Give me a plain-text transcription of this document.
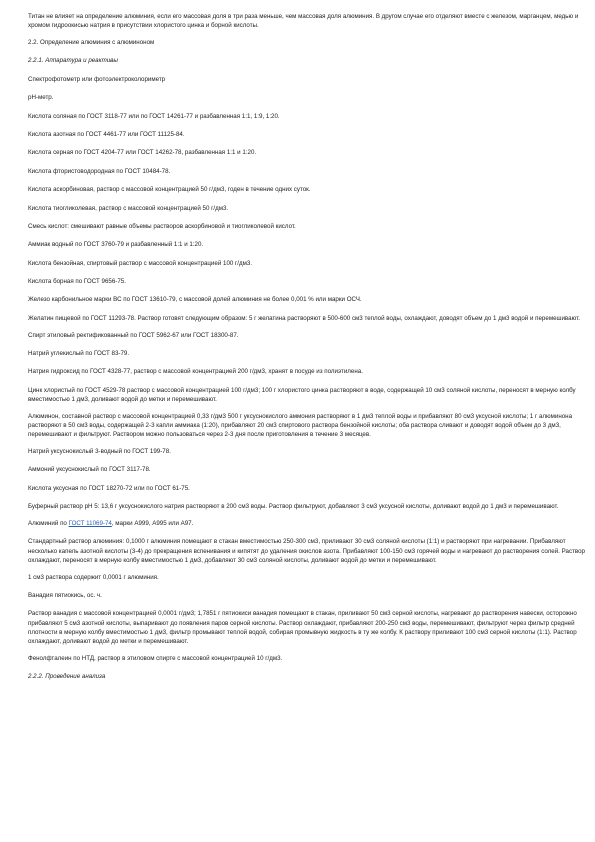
Титан не влияет на определение алюминия, если его массовая доля в три раза меньше, чем массовая доля алюминия. В другом случае его отделяют вместе с железом, марганцем, медью и хромом гидроокисью натрия в присутствии хлористого цинка и борной кислоты.

2.2. Определение алюминия с алюминоном

2.2.1. Аппаратура и реактивы

Спектрофотометр или фотоэлектроколориметр

рН-метр.

Кислота соляная по ГОСТ 3118-77 или по ГОСТ 14261-77 и разбавленная 1:1, 1:9, 1:20.

Кислота азотная по ГОСТ 4461-77 или ГОСТ 11125-84.

Кислота серная по ГОСТ 4204-77 или ГОСТ 14262-78, разбавленная 1:1 и 1:20.

Кислота фтористоводородная по ГОСТ 10484-78.

Кислота аскорбиновая, раствор с массовой концентрацией 50 г/дм3, годен в течение одних суток.

Кислота тиогликолевая, раствор с массовой концентрацией 50 г/дм3.

Смесь кислот: смешивают равные объемы растворов аскорбиновой и тиогликолевой кислот.

Аммиак водный по ГОСТ 3760-79 и разбавленный 1:1 и 1:20.

Кислота бензойная, спиртовый раствор с массовой концентрацией 100 г/дм3.

Кислота борная по ГОСТ 9656-75.

Железо карбонильное марки ВС по ГОСТ 13610-79, с массовой долей алюминия не более 0,001 % или марки ОСЧ.

Желатин пищевой по ГОСТ 11293-78. Раствор готовят следующим образом: 5 г желатина растворяют в 500-600 см3 теплой воды, охлаждают, доводят объем до 1 дм3 водой и перемешивают.

Спирт этиловый ректификованный по ГОСТ 5962-67 или ГОСТ 18300-87.

Натрий углекислый по ГОСТ 83-79.

Натрия гидроксид по ГОСТ 4328-77, раствор с массовой концентрацией 200 г/дм3, хранят в посуде из полиэтилена.

Цинк хлористый по ГОСТ 4529-78 раствор с массовой концентрацией 100 г/дм3; 100 г хлористого цинка растворяют в воде, содержащей 10 см3 соляной кислоты, переносят в мерную колбу вместимостью 1 дм3, доливают водой до метки и перемешивают.

Алюминон, составной раствор с массовой концентрацией 0,33 г/дм3 500 г уксуснокислого аммония растворяют в 1 дм3 теплой воды и прибавляют 80 см3 уксусной кислоты; 1 г алюминона растворяют в 50 см3 воды, содержащей 2-3 капли аммиака (1:20), прибавляют 20 см3 спиртового раствора бензойной кислоты; оба раствора сливают и доводят водой объем до 3 дм3, перемешивают и фильтруют. Раствором можно пользоваться через 2-3 дня после приготовления в течение 3 месяцев.

Натрий уксуснокислый 3-водный по ГОСТ 199-78.

Аммоний уксуснокислый по ГОСТ 3117-78.

Кислота уксусная по ГОСТ 18270-72 или по ГОСТ 61-75.

Буферный раствор рН 5: 13,6 г уксуснокислого натрия растворяют в 200 см3 воды. Раствор фильтруют, добавляют 3 см3 уксусной кислоты, доливают водой до 1 дм3 и перемешивают.

Алюминий по ГОСТ 11069-74, марки А999, А995 или А97.

Стандартный раствор алюминия: 0,1000 г алюминия помещают в стакан вместимостью 250-300 см3, приливают 30 см3 соляной кислоты (1:1) и растворяют при нагревании. Прибавляют несколько капель азотной кислоты (3-4) до прекращения вспенивания и кипятят до удаления окислов азота. Прибавляют 100-150 см3 горячей воды и нагревают до растворения солей. Раствор охлаждают, переносят в мерную колбу вместимостью 1 дм3, добавляют 30 см3 соляной кислоты, доливают водой до метки и перемешивают.

1 см3 раствора содержит 0,0001 г алюминия.

Ванадия пятиокись, ос. ч.

Раствор ванадия с массовой концентрацией 0,0001 г/дм3; 1,7851 г пятиокиси ванадия помещают в стакан, приливают 50 см3 серной кислоты, нагревают до растворения навески, осторожно прибавляют 5 см3 азотной кислоты, выпаривают до появления паров серной кислоты. Раствор охлаждают, прибавляют 200-250 см3 воды, перемешивают, фильтруют через фильтр средней плотности в мерную колбу вместимостью 1 дм3, фильтр промывают теплой водой, собирая промывную жидкость в ту же колбу. К раствору приливают 100 см3 серной кислоты (1:1). Раствор охлаждают, доливают водой до метки и перемешивают.

Фенолфталеин по НТД, раствор в этиловом спирте с массовой концентрацией 10 г/дм3.

2.2.2. Проведение анализа
